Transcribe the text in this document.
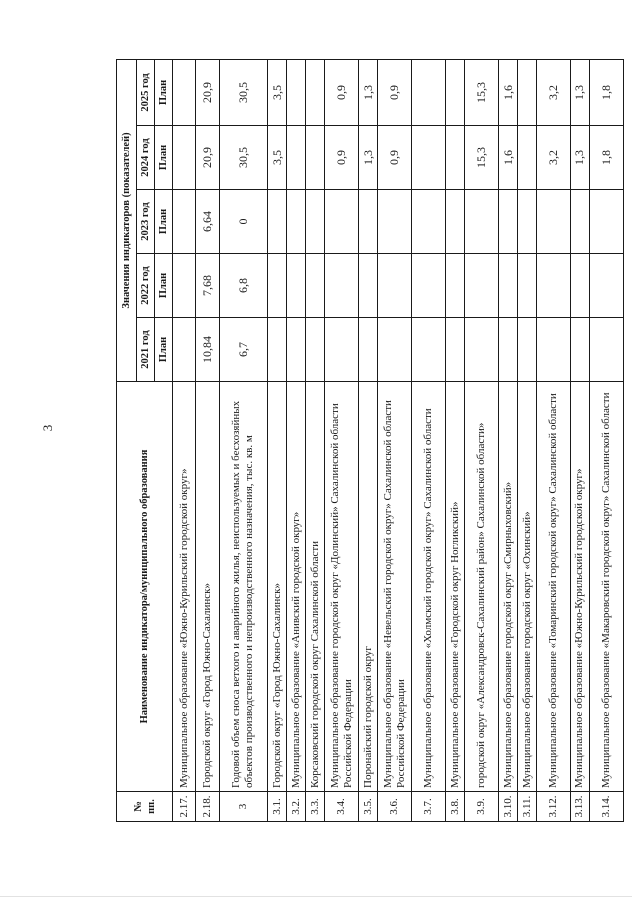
3
№ пп.	Наименование индикатора/муниципального образования	Значения индикаторов (показателей)				
		2021 год	2022 год	2023 год	2024 год	2025 год
		План	План	План	План	План
2.17.	Муниципальное образование «Южно-Курильский городской округ»					
2.18.	Городской округ «Город Южно-Сахалинск»	10,84	7,68	6,64	20,9	20,9
3	Годовой объем сноса ветхого и аварийного жилья, неиспользуемых и бесхозяйных объектов производственного и непроизводственного назначения, тыс. кв. м	6,7	6,8	0	30,5	30,5
3.1.	Городской округ «Город Южно-Сахалинск»				3,5	3,5
3.2.	Муниципальное образование «Анивский городской округ»					
3.3.	Корсаковский городской округ Сахалинской области					
3.4.	Муниципальное образование городской округ «Долинский» Сахалинской области Российской Федерации				0,9	0,9
3.5.	Поронайский городской округ				1,3	1,3
3.6.	Муниципальное образование «Невельский городской округ» Сахалинской области Российской Федерации				0,9	0,9
3.7.	Муниципальное образование «Холмский городской округ» Сахалинской области					
3.8.	Муниципальное образование «Городской округ Ногликский»					
3.9.	городской округ «Александровск-Сахалинский район» Сахалинской области»				15,3	15,3
3.10.	Муниципальное образование городской округ «Смирныховский»				1,6	1,6
3.11.	Муниципальное образование городской округ «Охинский»					
3.12.	Муниципальное образование «Томаринский городской округ» Сахалинской области				3,2	3,2
3.13.	Муниципальное образование «Южно-Курильский городской округ»				1,3	1,3
3.14.	Муниципальное образование «Макаровский городской округ» Сахалинской области				1,8	1,8
